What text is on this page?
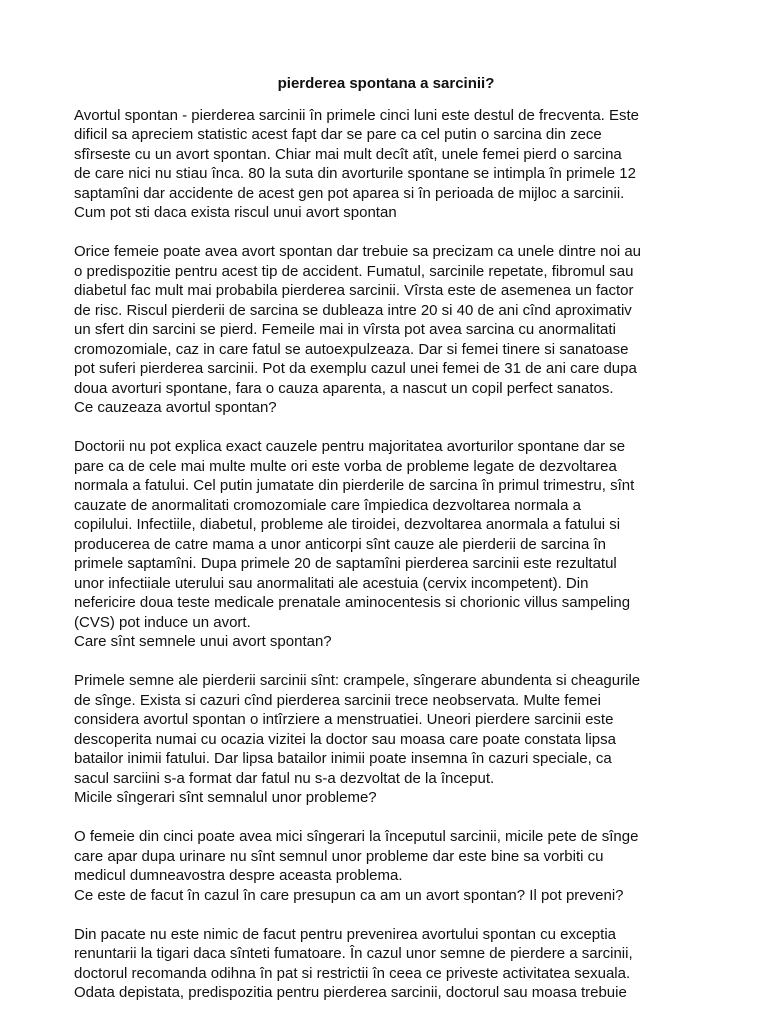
pierderea spontana a sarcinii?
Avortul spontan - pierderea sarcinii în primele cinci luni este destul de frecventa. Este
dificil sa apreciem statistic acest fapt dar se pare ca cel putin o sarcina din zece
sfîrseste cu un avort spontan. Chiar mai mult decît atît, unele femei pierd o sarcina
de care nici nu stiau înca. 80 la suta din avorturile spontane se intimpla în primele 12
saptamîni dar accidente de acest gen pot aparea si în perioada de mijloc a sarcinii.
Cum pot sti daca exista riscul unui avort spontan
Orice femeie poate avea avort spontan dar trebuie sa precizam ca unele dintre noi au
o predispozitie pentru acest tip de accident. Fumatul, sarcinile repetate, fibromul sau
diabetul fac mult mai probabila pierderea sarcinii. Vîrsta este de asemenea un factor
de risc. Riscul pierderii de sarcina se dubleaza intre 20 si 40 de ani cînd aproximativ
un sfert din sarcini se pierd. Femeile mai in vîrsta pot avea sarcina cu anormalitati
cromozomiale, caz in care fatul se autoexpulzeaza. Dar si femei tinere si sanatoase
pot suferi pierderea sarcinii. Pot da exemplu cazul unei femei de 31 de ani care dupa
doua avorturi spontane, fara o cauza aparenta, a nascut un copil perfect sanatos.
Ce cauzeaza avortul spontan?
Doctorii nu pot explica exact cauzele pentru majoritatea avorturilor spontane dar se
pare ca de cele mai multe multe ori este vorba de probleme legate de dezvoltarea
normala a fatului. Cel putin jumatate din pierderile de sarcina în primul trimestru, sînt
cauzate de anormalitati cromozomiale care împiedica dezvoltarea normala a
copilului. Infectiile, diabetul, probleme ale tiroidei, dezvoltarea anormala a fatului si
producerea de catre mama a unor anticorpi sînt cauze ale pierderii de sarcina în
primele saptamîni. Dupa primele 20 de saptamîni pierderea sarcinii este rezultatul
unor infectiiale uterului sau anormalitati ale acestuia (cervix incompetent). Din
nefericire doua teste medicale prenatale aminocentesis si chorionic villus sampeling
(CVS) pot induce un avort.
Care sînt semnele unui avort spontan?
Primele semne ale pierderii sarcinii sînt: crampele, sîngerare abundenta si cheagurile
de sînge. Exista si cazuri cînd pierderea sarcinii trece neobservata. Multe femei
considera avortul spontan o intîrziere a menstruatiei. Uneori pierdere sarcinii este
descoperita numai cu ocazia vizitei la doctor sau moasa care poate constata lipsa
batailor inimii fatului. Dar lipsa batailor inimii poate insemna în cazuri speciale, ca
sacul sarciini s-a format dar fatul nu s-a dezvoltat de la început.
Micile sîngerari sînt semnalul unor probleme?
O femeie din cinci poate avea mici sîngerari la începutul sarcinii, micile pete de sînge
care apar dupa urinare nu sînt semnul unor probleme dar este bine sa vorbiti cu
medicul dumneavostra despre aceasta problema.
Ce este de facut în cazul în care presupun ca am un avort spontan? Il pot preveni?
Din pacate nu este nimic de facut pentru prevenirea avortului spontan cu exceptia
renuntarii la tigari daca sînteti fumatoare. În cazul unor semne de pierdere a sarcinii,
doctorul recomanda odihna în pat si restrictii în ceea ce priveste activitatea sexuala.
Odata depistata, predispozitia pentru pierderea sarcinii, doctorul sau moasa trebuie
